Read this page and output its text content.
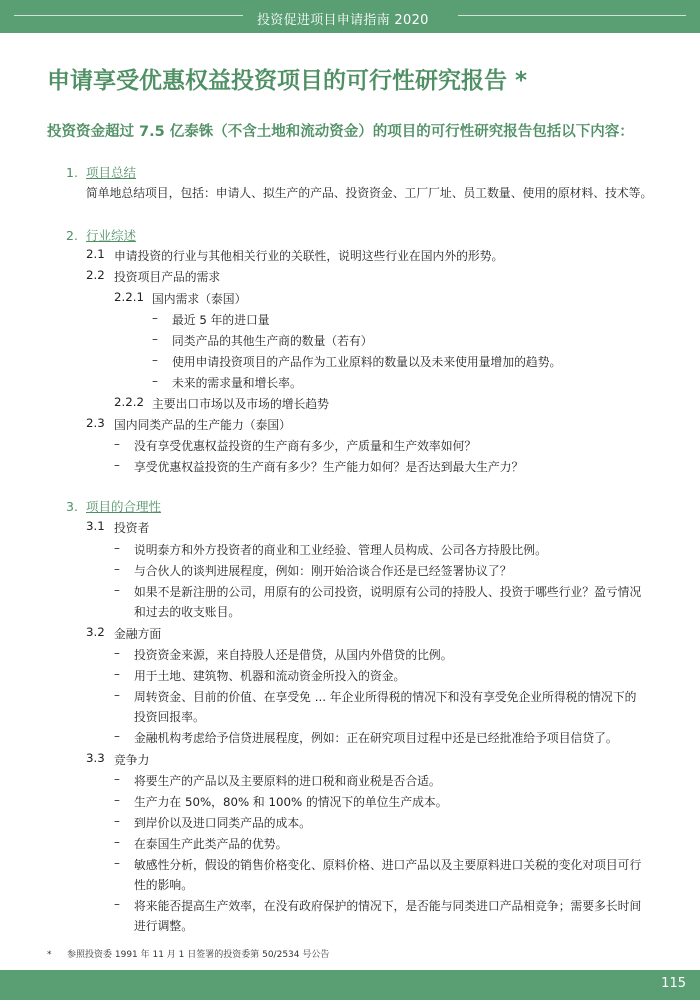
投资促进项目申请指南 2020
申请享受优惠权益投资项目的可行性研究报告 *
投资资金超过 7.5 亿泰铢（不含土地和流动资金）的项目的可行性研究报告包括以下内容：
1. 项目总结
简单地总结项目，包括：申请人、拟生产的产品、投资资金、工厂厂址、员工数量、使用的原材料、技术等。
2. 行业综述
2.1 申请投资的行业与其他相关行业的关联性，说明这些行业在国内外的形势。
2.2 投资项目产品的需求
2.2.1 国内需求（泰国）
– 最近 5 年的进口量
– 同类产品的其他生产商的数量（若有）
– 使用申请投资项目的产品作为工业原料的数量以及未来使用量增加的趋势。
– 未来的需求量和增长率。
2.2.2 主要出口市场以及市场的增长趋势
2.3 国内同类产品的生产能力（泰国）
– 没有享受优惠权益投资的生产商有多少，产质量和生产效率如何？
– 享受优惠权益投资的生产商有多少？生产能力如何？是否达到最大生产力？
3. 项目的合理性
3.1 投资者
– 说明泰方和外方投资者的商业和工业经验、管理人员构成、公司各方持股比例。
– 与合伙人的谈判进展程度，例如：刚开始洽谈合作还是已经签署协议了？
– 如果不是新注册的公司，用原有的公司投资，说明原有公司的持股人、投资于哪些行业？盈亏情况
和过去的收支账目。
3.2 金融方面
– 投资资金来源，来自持股人还是借贷，从国内外借贷的比例。
– 用于土地、建筑物、机器和流动资金所投入的资金。
– 周转资金、目前的价值、在享受免 ... 年企业所得税的情况下和没有享受免企业所得税的情况下的
投资回报率。
– 金融机构考虑给予信贷进展程度，例如：正在研究项目过程中还是已经批准给予项目信贷了。
3.3 竞争力
– 将要生产的产品以及主要原料的进口税和商业税是否合适。
– 生产力在 50%，80% 和 100% 的情况下的单位生产成本。
– 到岸价以及进口同类产品的成本。
– 在泰国生产此类产品的优势。
– 敏感性分析，假设的销售价格变化、原料价格、进口产品以及主要原料进口关税的变化对项目可行
性的影响。
– 将来能否提高生产效率，在没有政府保护的情况下，是否能与同类进口产品相竞争；需要多长时间
进行调整。
* 参照投资委 1991 年 11 月 1 日签署的投资委第 50/2534 号公告
115
